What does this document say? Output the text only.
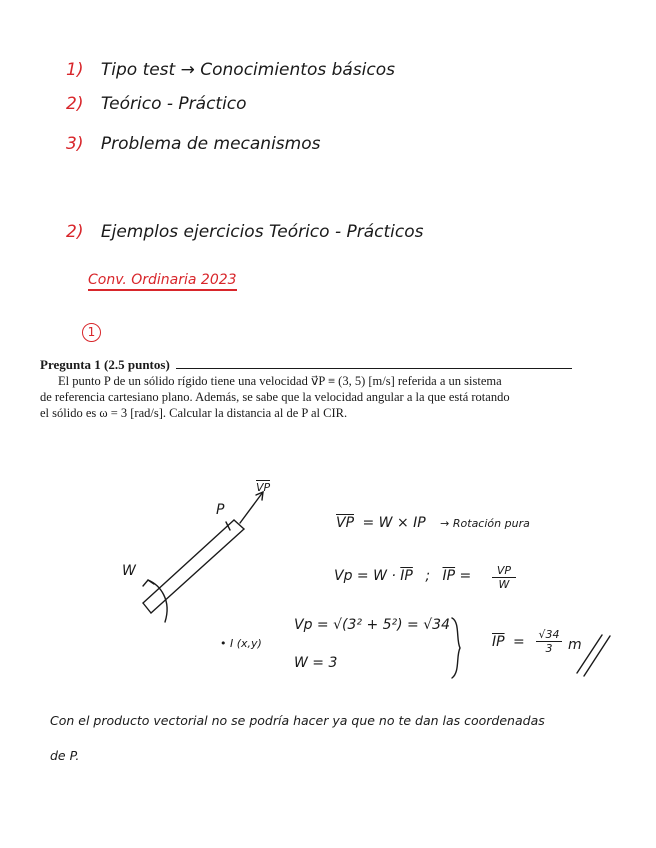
1) Tipo test → Conocimientos básicos
2) Teórico - Práctico
3) Problema de mecanismos
2) Ejemplos ejercicios Teórico - Prácticos
Conv. Ordinaria 2023
1
Pregunta 1 (2.5 puntos)
El punto P de un sólido rígido tiene una velocidad v⃗P ≡ (3, 5) [m/s] referida a un sistema
de referencia cartesiano plano. Además, se sabe que la velocidad angular a la que está rotando
el sólido es ω = 3 [rad/s]. Calcular la distancia al de P al CIR.
VP
P
W
• I (x,y)
VP = W × IP → Rotación pura
$Vp = W \cdot \overline{IP}$ ; $\overline{IP} = \frac{VP}{W}$
Vp = √(3² + 5²) = √34
W = 3
$\overline{IP}$ =	$\frac{√34}{3}$ m
Con el producto vectorial no se podría hacer ya que no te dan las coordenadas
de P.
